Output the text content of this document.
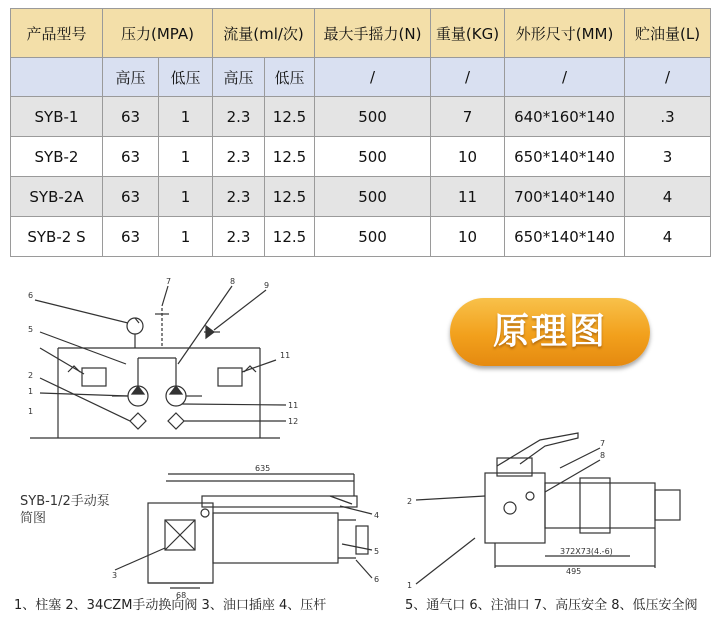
产品型号	压力(MPA)		流量(ml/次)		最大手摇力(N)	重量(KG)	外形尺寸(MM)	贮油量(L)
	高压	低压	高压	低压	/	/	/	/
SYB-1	63	1	2.3	12.5	500	7	640*160*140	.3
SYB-2	63	1	2.3	12.5	500	10	650*140*140	3
SYB-2A	63	1	2.3	12.5	500	11	700*140*140	4
SYB-2 S	63	1	2.3	12.5	500	10	650*140*140	4
6
7	8	9
11
11
12
5
2
1
1
635
4
5
6
3
68
2
1
7
8
495
372X73(4.-6)
原理图
SYB-1/2手动泵
简图
1、柱塞 2、34CZM手动换向阀 3、油口插座 4、压杆	5、通气口 6、注油口 7、高压安全 8、低压安全阀
